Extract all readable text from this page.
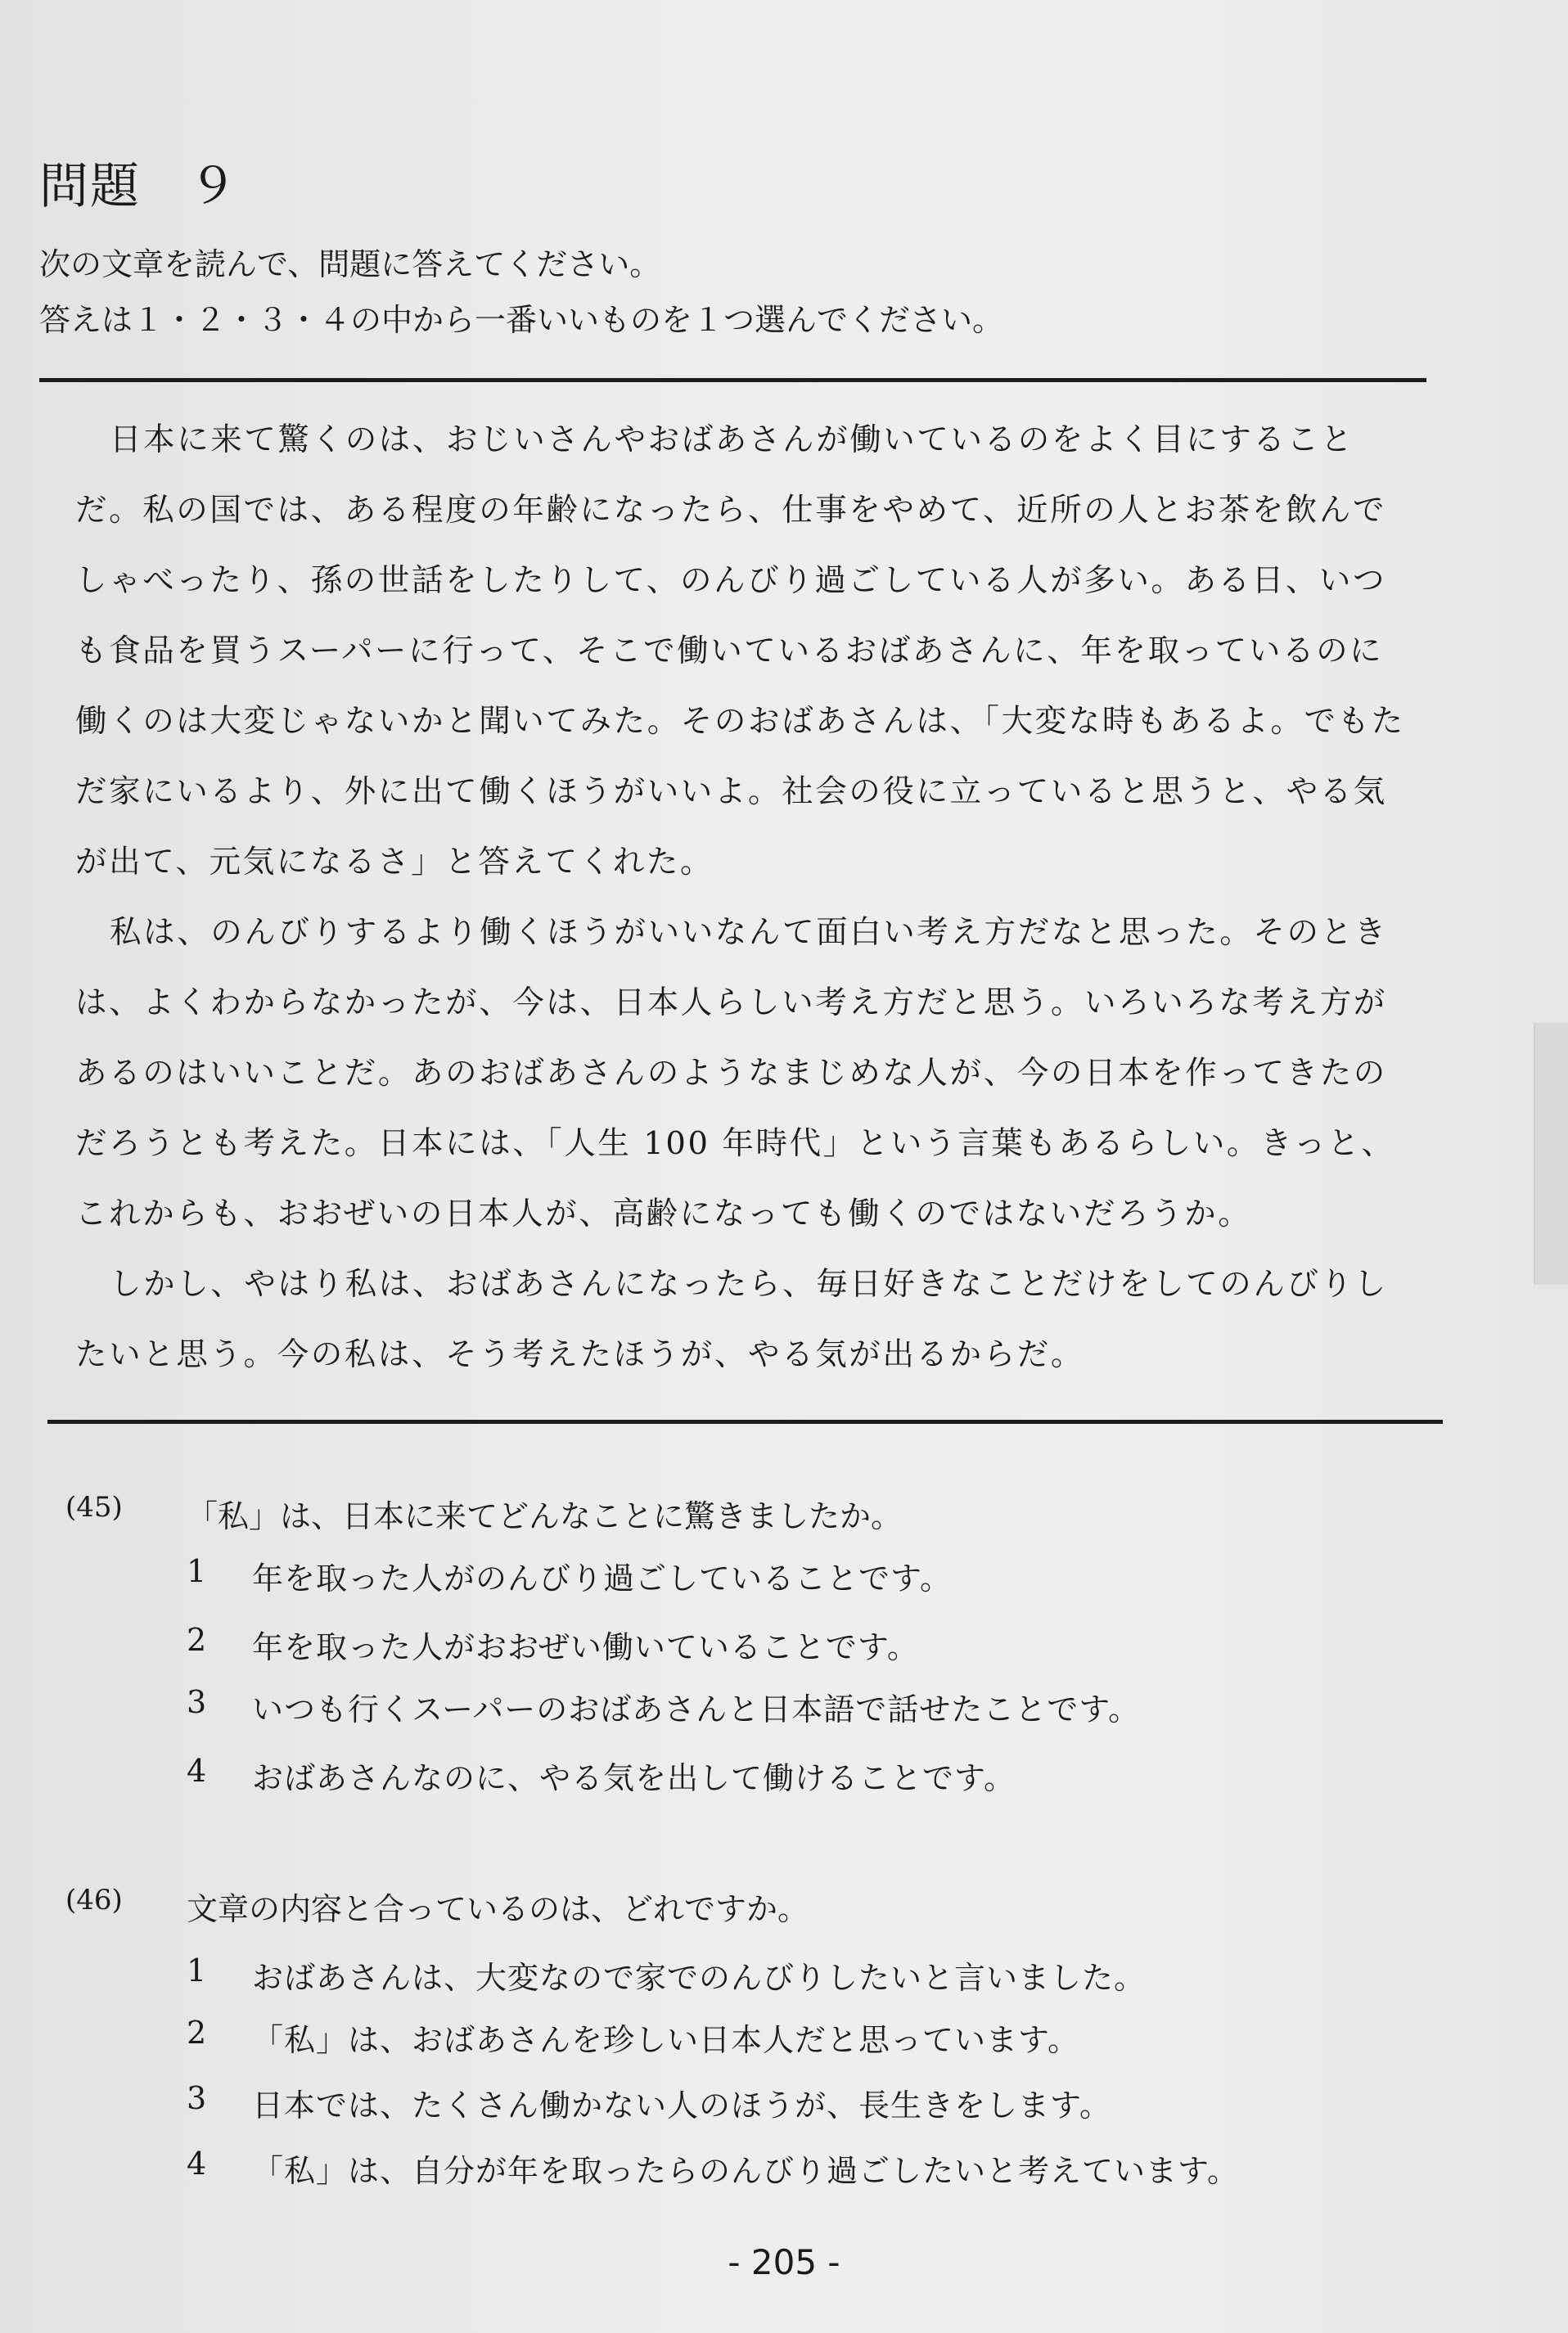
問題 ９
次の文章を読んで、問題に答えてください。
答えは１・２・３・４の中から一番いいものを１つ選んでください。

日本に来て驚くのは、おじいさんやおばあさんが働いているのをよく目にすることだ。私の国では、ある程度の年齢になったら、仕事をやめて、近所の人とお茶を飲んでしゃべったり、孫の世話をしたりして、のんびり過ごしている人が多い。ある日、いつも食品を買うスーパーに行って、そこで働いているおばあさんに、年を取っているのに働くのは大変じゃないかと聞いてみた。そのおばあさんは、「大変な時もあるよ。でもただ家にいるより、外に出て働くほうがいいよ。社会の役に立っていると思うと、やる気が出て、元気になるさ」と答えてくれた。

私は、のんびりするより働くほうがいいなんて面白い考え方だなと思った。そのときは、よくわからなかったが、今は、日本人らしい考え方だと思う。いろいろな考え方があるのはいいことだ。あのおばあさんのようなまじめな人が、今の日本を作ってきたのだろうとも考えた。日本には、「人生 100 年時代」という言葉もあるらしい。きっと、これからも、おおぜいの日本人が、高齢になっても働くのではないだろうか。

しかし、やはり私は、おばあさんになったら、毎日好きなことだけをしてのんびりしたいと思う。今の私は、そう考えたほうが、やる気が出るからだ。

(45) 「私」は、日本に来てどんなことに驚きましたか。
1 年を取った人がのんびり過ごしていることです。
2 年を取った人がおおぜい働いていることです。
3 いつも行くスーパーのおばあさんと日本語で話せたことです。
4 おばあさんなのに、やる気を出して働けることです。
(46) 文章の内容と合っているのは、どれですか。
1 おばあさんは、大変なので家でのんびりしたいと言いました。
2 「私」は、おばあさんを珍しい日本人だと思っています。
3 日本では、たくさん働かない人のほうが、長生きをします。
4 「私」は、自分が年を取ったらのんびり過ごしたいと考えています。
- 205 -
